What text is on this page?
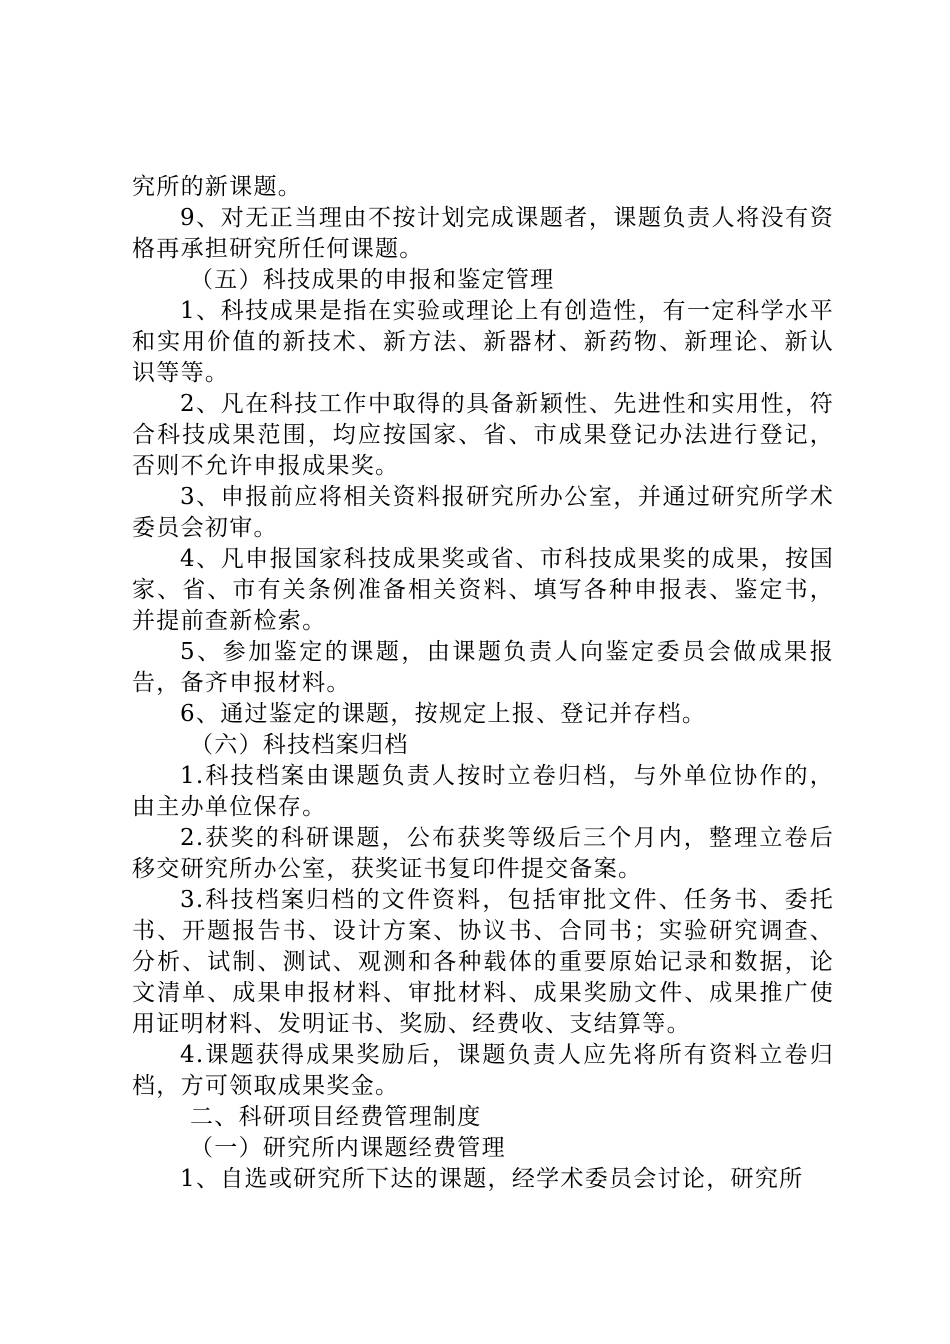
究所的新课题。

9、对无正当理由不按计划完成课题者，课题负责人将没有资格再承担研究所任何课题。

（五）科技成果的申报和鉴定管理

1、科技成果是指在实验或理论上有创造性，有一定科学水平和实用价值的新技术、新方法、新器材、新药物、新理论、新认识等等。

2、凡在科技工作中取得的具备新颖性、先进性和实用性，符合科技成果范围，均应按国家、省、市成果登记办法进行登记，否则不允许申报成果奖。

3、申报前应将相关资料报研究所办公室，并通过研究所学术委员会初审。

4、凡申报国家科技成果奖或省、市科技成果奖的成果，按国家、省、市有关条例准备相关资料、填写各种申报表、鉴定书，并提前查新检索。

5、参加鉴定的课题，由课题负责人向鉴定委员会做成果报告，备齐申报材料。

6、通过鉴定的课题，按规定上报、登记并存档。

（六）科技档案归档

1.科技档案由课题负责人按时立卷归档，与外单位协作的，由主办单位保存。

2.获奖的科研课题，公布获奖等级后三个月内，整理立卷后移交研究所办公室，获奖证书复印件提交备案。

3.科技档案归档的文件资料，包括审批文件、任务书、委托书、开题报告书、设计方案、协议书、合同书；实验研究调查、分析、试制、测试、观测和各种载体的重要原始记录和数据，论文清单、成果申报材料、审批材料、成果奖励文件、成果推广使用证明材料、发明证书、奖励、经费收、支结算等。

4.课题获得成果奖励后，课题负责人应先将所有资料立卷归档，方可领取成果奖金。

二、科研项目经费管理制度

（一）研究所内课题经费管理

1、自选或研究所下达的课题，经学术委员会讨论，研究所
